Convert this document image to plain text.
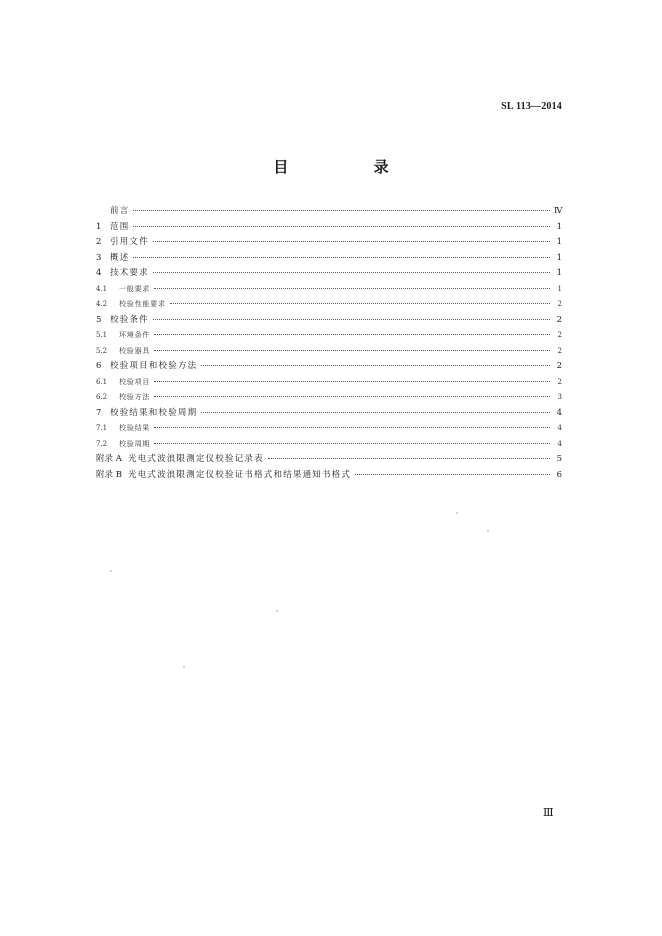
SL 113—2014
目 录
前言	Ⅳ
1	范围	1
2	引用文件	1
3	概述	1
4	技术要求	1
4.1	一般要求	1
4.2	校验性能要求	2
5	校验条件	2
5.1	环境条件	2
5.2	校验器具	2
6	校验项目和校验方法	2
6.1	校验项目	2
6.2	校验方法	3
7	校验结果和校验周期	4
7.1	校验结果	4
7.2	校验周期	4
附录 A 光电式波浪限测定仪校验记录表	5
附录 B 光电式波浪限测定仪校验证书格式和结果通知书格式	6
Ⅲ
